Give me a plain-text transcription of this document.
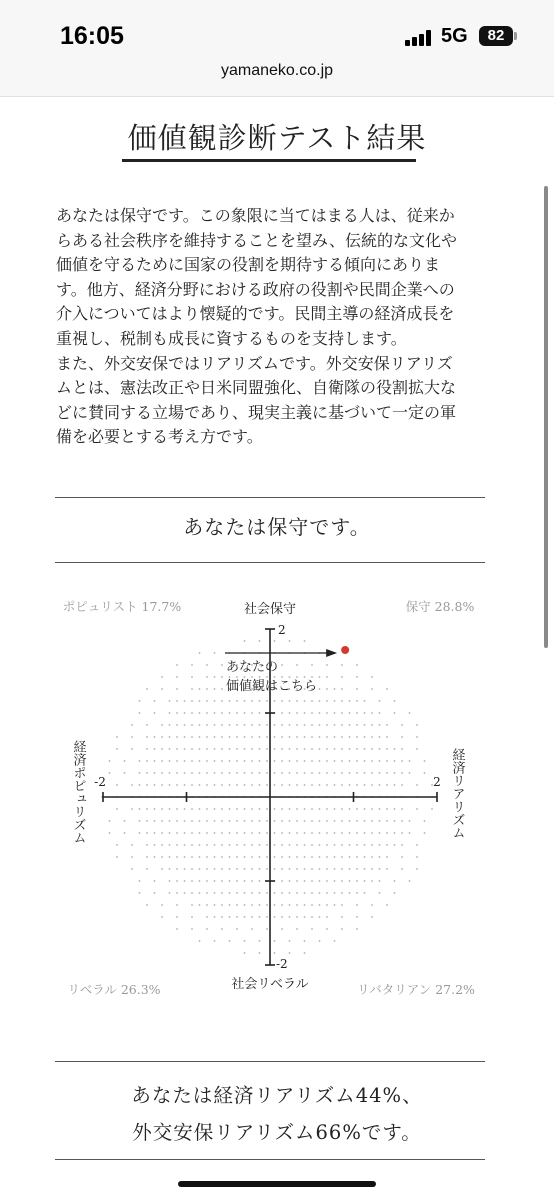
16:05	5G	82
yamaneko.co.jp
価値観診断テスト結果
あなたは保守です。この象限に当てはまる人は、従来か
らある社会秩序を維持することを望み、伝統的な文化や
価値を守るために国家の役割を期待する傾向にありま
す。他方、経済分野における政府の役割や民間企業への
介入についてはより懐疑的です。民間主導の経済成長を
重視し、税制も成長に資するものを支持します。
また、外交安保ではリアリズムです。外交安保リアリズ
ムとは、憲法改正や日米同盟強化、自衛隊の役割拡大な
どに賛同する立場であり、現実主義に基づいて一定の軍
備を必要とする考え方です。
あなたは保守です。
ポピュリスト 17.7%	保守 28.8%
リベラル 26.3%	リバタリアン 27.2%
社会保守
社会リベラル
経済ポピュリズム	経済リアリズム
-2	2
2
-2
あなたの
価値観はこちら
あなたは経済リアリズム44%、
外交安保リアリズム66%です。
